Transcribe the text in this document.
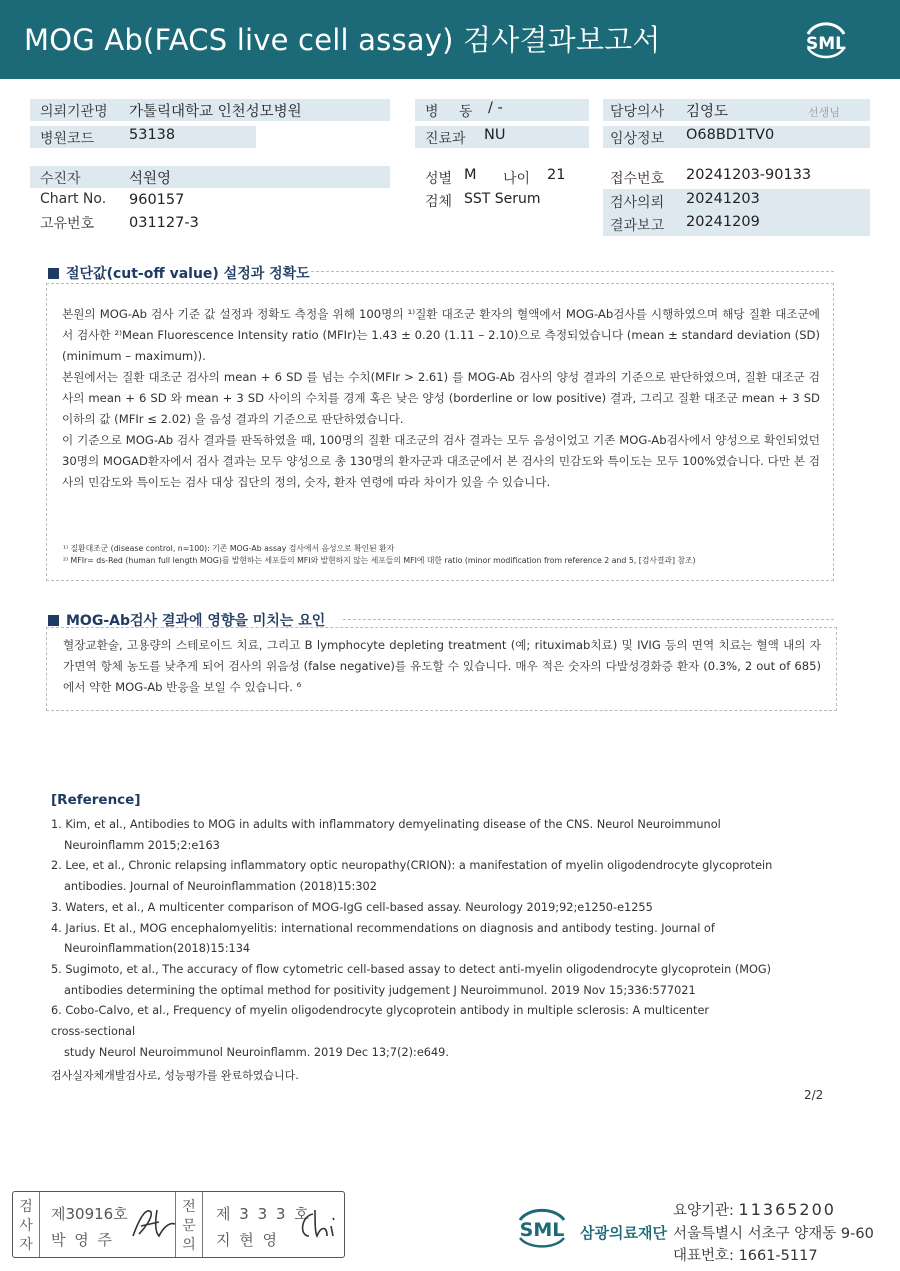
MOG Ab(FACS live cell assay) 검사결과보고서	SML
의뢰기관명 가톨릭대학교 인천성모병원
병원코드 53138
수진자	석원영
Chart No. 960157
고유번호 031127-3
병 동 / -
진료과 NU
성별 M 나이 21
검체 SST Serum
담당의사 김영도	선생님
임상정보 O68BD1TV0
접수번호 20241203-90133
검사의뢰 20241203
결과보고 20241209
절단값(cut-off value) 설정과 정확도

본원의 MOG-Ab 검사 기준 값 설정과 정확도 측정을 위해 100명의 ¹⁾질환 대조군 환자의 혈액에서 MOG-Ab검사를 시행하였으며 해당 질환 대조군에서 검사한 ²⁾Mean Fluorescence Intensity ratio (MFIr)는 1.43 ± 0.20 (1.11 – 2.10)으로 측정되었습니다 (mean ± standard deviation (SD) (minimum – maximum)).

본원에서는 질환 대조군 검사의 mean + 6 SD 를 넘는 수치(MFIr > 2.61) 를 MOG-Ab 검사의 양성 결과의 기준으로 판단하였으며, 질환 대조군 검사의 mean + 6 SD 와 mean + 3 SD 사이의 수치를 경계 혹은 낮은 양성 (borderline or low positive) 결과, 그리고 질환 대조군 mean + 3 SD 이하의 값 (MFIr ≤ 2.02) 을 음성 결과의 기준으로 판단하였습니다.

이 기준으로 MOG-Ab 검사 결과를 판독하였을 때, 100명의 질환 대조군의 검사 결과는 모두 음성이었고 기존 MOG-Ab검사에서 양성으로 확인되었던 30명의 MOGAD환자에서 검사 결과는 모두 양성으로 총 130명의 환자군과 대조군에서 본 검사의 민감도와 특이도는 모두 100%였습니다. 다만 본 검사의 민감도와 특이도는 검사 대상 집단의 정의, 숫자, 환자 연령에 따라 차이가 있을 수 있습니다.

¹⁾ 질환대조군 (disease control, n=100): 기존 MOG-Ab assay 검사에서 음성으로 확인된 환자
²⁾ MFIr= ds-Red (human full length MOG)를 발현하는 세포들의 MFI와 발현하지 않는 세포들의 MFI에 대한 ratio (minor modification from reference 2 and 5, [검사결과] 참조)
MOG-Ab검사 결과에 영향을 미치는 요인
혈장교환술, 고용량의 스테로이드 치료, 그리고 B lymphocyte depleting treatment (예; rituximab치료) 및 IVIG 등의 면역 치료는 혈액 내의 자가면역 항체 농도를 낮추게 되어 검사의 위음성 (false negative)를 유도할 수 있습니다. 매우 적은 숫자의 다발성경화증 환자 (0.3%, 2 out of 685)에서 약한 MOG-Ab 반응을 보일 수 있습니다. ⁶
[Reference]
1. Kim, et al., Antibodies to MOG in adults with inflammatory demyelinating disease of the CNS. Neurol Neuroimmunol
Neuroinflamm 2015;2:e163
2. Lee, et al., Chronic relapsing inflammatory optic neuropathy(CRION): a manifestation of myelin oligodendrocyte glycoprotein
antibodies. Journal of Neuroinflammation (2018)15:302
3. Waters, et al., A multicenter comparison of MOG-IgG cell-based assay. Neurology 2019;92;e1250-e1255
4. Jarius. Et al., MOG encephalomyelitis: international recommendations on diagnosis and antibody testing. Journal of
Neuroinflammation(2018)15:134
5. Sugimoto, et al., The accuracy of flow cytometric cell-based assay to detect anti-myelin oligodendrocyte glycoprotein (MOG)
antibodies determining the optimal method for positivity judgement J Neuroimmunol. 2019 Nov 15;336:577021
6. Cobo-Calvo, et al., Frequency of myelin oligodendrocyte glycoprotein antibody in multiple sclerosis: A multicenter
cross-sectional
study Neurol Neuroimmunol Neuroinflamm. 2019 Dec 13;7(2):e649.
검사실자체개발검사로, 성능평가를 완료하였습니다.
2/2
검
사
자
제30916호
박 영 주
전
문
의
제 3 3 3 호
지 현 영	SML 삼광의료재단
요양기관: 11365200
서울특별시 서초구 양재동 9-60
대표번호: 1661-5117
